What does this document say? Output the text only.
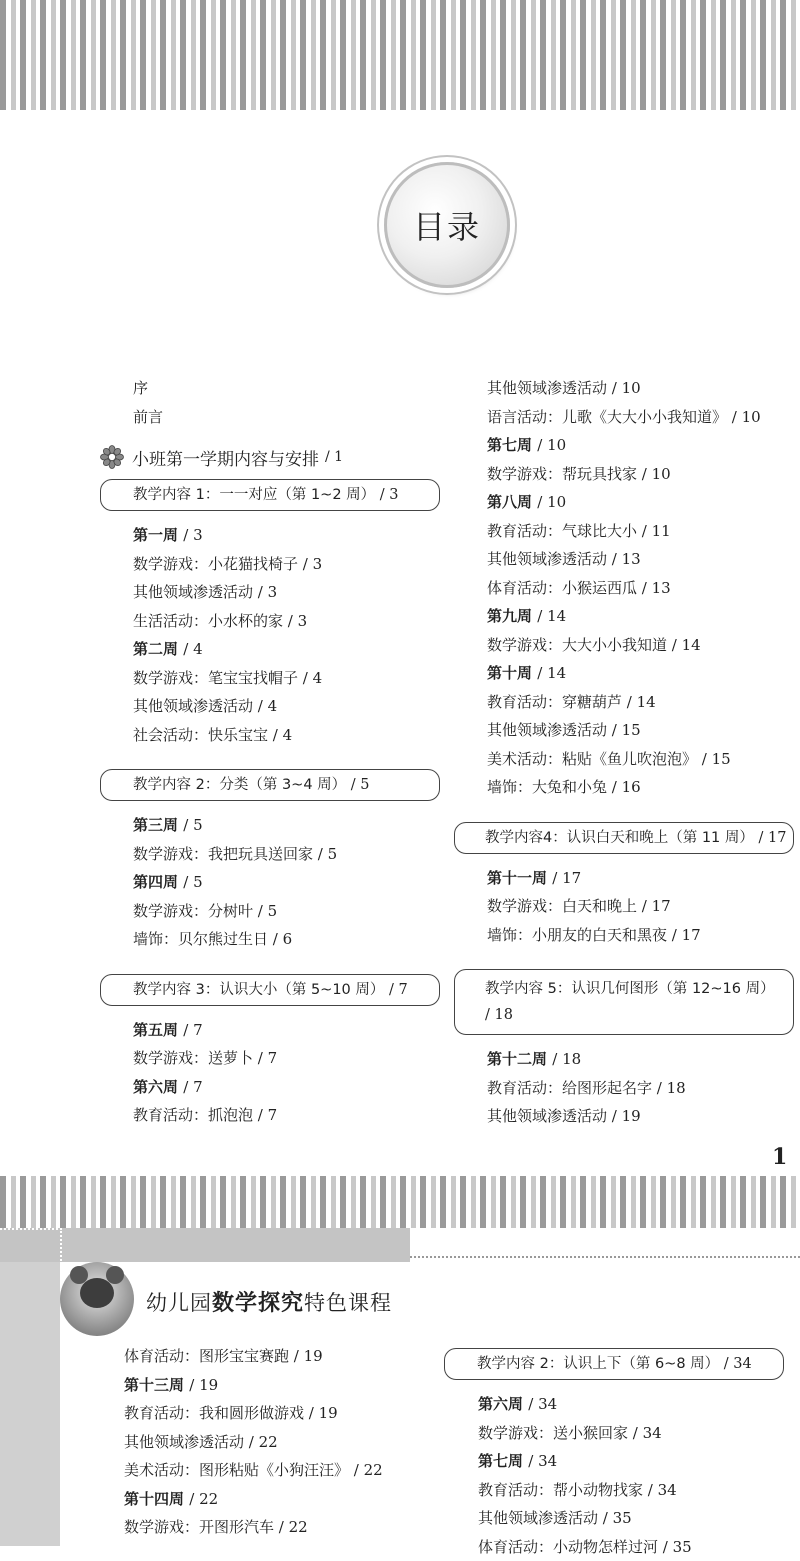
目录
序
前言
小班第一学期内容与安排 / 1
教学内容 1：一一对应（第 1~2 周） / 3
第一周 / 3
数学游戏：小花猫找椅子 / 3
其他领域渗透活动 / 3
生活活动：小水杯的家 / 3
第二周 / 4
数学游戏：笔宝宝找帽子 / 4
其他领域渗透活动 / 4
社会活动：快乐宝宝 / 4
教学内容 2：分类（第 3~4 周） / 5
第三周 / 5
数学游戏：我把玩具送回家 / 5
第四周 / 5
数学游戏：分树叶 / 5
墙饰：贝尔熊过生日 / 6
教学内容 3：认识大小（第 5~10 周） / 7
第五周 / 7
数学游戏：送萝卜 / 7
第六周 / 7
教育活动：抓泡泡 / 7
其他领域渗透活动 / 10
语言活动：儿歌《大大小小我知道》 / 10
第七周 / 10
数学游戏：帮玩具找家 / 10
第八周 / 10
教育活动：气球比大小 / 11
其他领域渗透活动 / 13
体育活动：小猴运西瓜 / 13
第九周 / 14
数学游戏：大大小小我知道 / 14
第十周 / 14
教育活动：穿糖葫芦 / 14
其他领域渗透活动 / 15
美术活动：粘贴《鱼儿吹泡泡》 / 15
墙饰：大兔和小兔 / 16
教学内容4：认识白天和晚上（第 11 周） / 17
第十一周 / 17
数学游戏：白天和晚上 / 17
墙饰：小朋友的白天和黑夜 / 17
教学内容 5：认识几何图形（第 12~16 周） / 18
第十二周 / 18
教育活动：给图形起名字 / 18
其他领域渗透活动 / 19
1
幼儿园数学探究特色课程
体育活动：图形宝宝赛跑 / 19
第十三周 / 19
教育活动：我和圆形做游戏 / 19
其他领域渗透活动 / 22
美术活动：图形粘贴《小狗汪汪》 / 22
第十四周 / 22
数学游戏：开图形汽车 / 22
教学内容 2：认识上下（第 6~8 周） / 34
第六周 / 34
数学游戏：送小猴回家 / 34
第七周 / 34
教育活动：帮小动物找家 / 34
其他领域渗透活动 / 35
体育活动：小动物怎样过河 / 35
